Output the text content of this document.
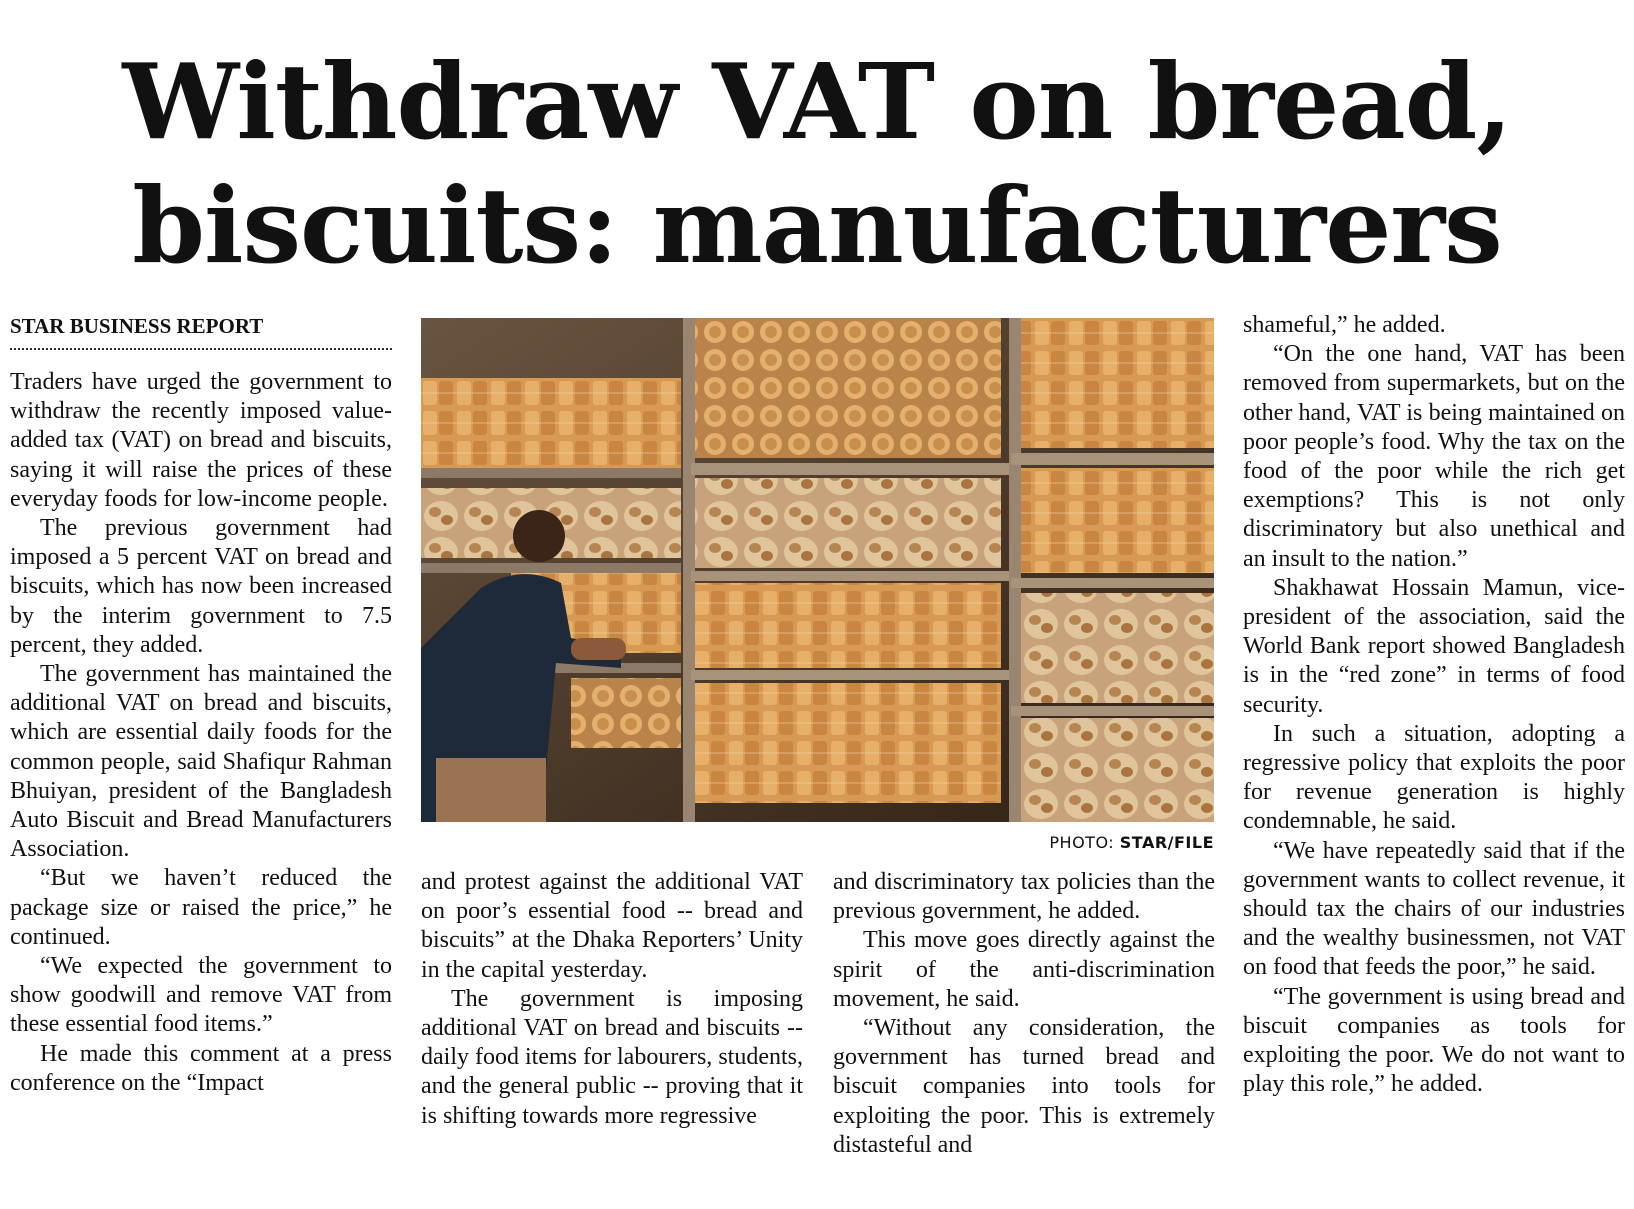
Withdraw VAT on bread,
biscuits: manufacturers
STAR BUSINESS REPORT

Traders have urged the government to withdraw the recently imposed value-added tax (VAT) on bread and biscuits, saying it will raise the prices of these everyday foods for low-income people.

The previous government had imposed a 5 percent VAT on bread and biscuits, which has now been increased by the interim government to 7.5 percent, they added.

The government has maintained the additional VAT on bread and biscuits, which are essential daily foods for the common people, said Shafiqur Rahman Bhuiyan, president of the Bangladesh Auto Biscuit and Bread Manufacturers Association.

“But we haven’t reduced the package size or raised the price,” he continued.

“We expected the government to show goodwill and remove VAT from these essential food items.”

He made this comment at a press conference on the “Impact

PHOTO: STAR/FILE

and protest against the additional VAT on poor’s essential food -- bread and biscuits” at the Dhaka Reporters’ Unity in the capital yesterday.

The government is imposing additional VAT on bread and biscuits -- daily food items for labourers, students, and the general public -- proving that it is shifting towards more regressive

and discriminatory tax policies than the previous government, he added.

This move goes directly against the spirit of the anti-discrimination movement, he said.

“Without any consideration, the government has turned bread and biscuit companies into tools for exploiting the poor. This is extremely distasteful and

shameful,” he added.

“On the one hand, VAT has been removed from supermarkets, but on the other hand, VAT is being maintained on poor people’s food. Why the tax on the food of the poor while the rich get exemptions? This is not only discriminatory but also unethical and an insult to the nation.”

Shakhawat Hossain Mamun, vice-president of the association, said the World Bank report showed Bangladesh is in the “red zone” in terms of food security.

In such a situation, adopting a regressive policy that exploits the poor for revenue generation is highly condemnable, he said.

“We have repeatedly said that if the government wants to collect revenue, it should tax the chairs of our industries and the wealthy businessmen, not VAT on food that feeds the poor,” he said.

“The government is using bread and biscuit companies as tools for exploiting the poor. We do not want to play this role,” he added.
